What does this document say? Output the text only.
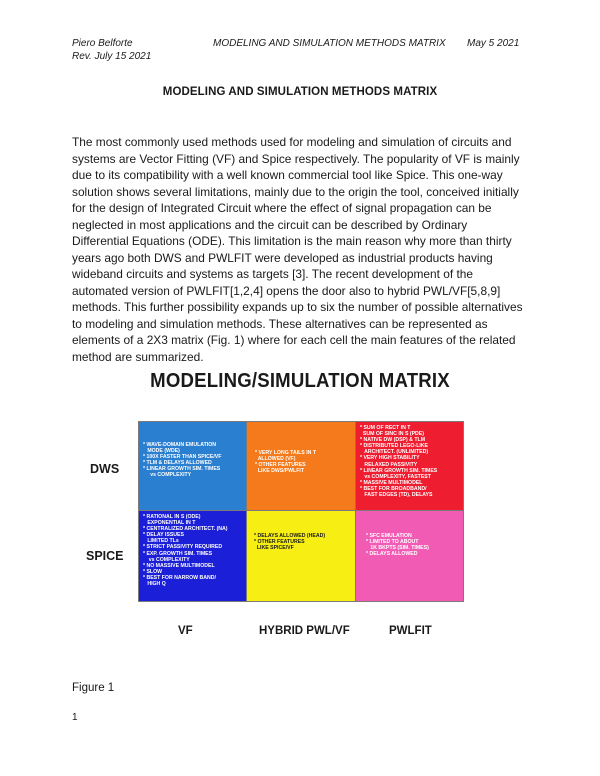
Piero Belforte
Rev. July 15 2021
MODELING AND SIMULATION METHODS MATRIX May 5 2021
MODELING AND SIMULATION METHODS MATRIX

The most commonly used methods used for modeling and simulation of circuits and systems are Vector Fitting (VF) and Spice respectively. The popularity of VF is mainly due to its compatibility with a well known commercial tool like Spice. This one-way solution shows several limitations, mainly due to the origin the tool, conceived initially for the design of Integrated Circuit where the effect of signal propagation can be neglected in most applications and the circuit can be described by Ordinary Differential Equations (ODE). This limitation is the main reason why more than thirty years ago both DWS and PWLFIT were developed as industrial products having wideband circuits and systems as targets [3]. The recent development of the automated version of PWLFIT[1,2,4] opens the door also to hybrid PWL/VF[5,8,9] methods. This further possibility expands up to six the number of possible alternatives to modeling and simulation methods. These alternatives can be represented as elements of a 2X3 matrix (Fig. 1) where for each cell the main features of the related method are summarized.

MODELING/SIMULATION MATRIX
DWS
SPICE
* WAVE-DOMAIN EMULATION
MODE (WDE)
* 100X FASTER THAN SPICE/VF
* TLM & DELAYS ALLOWED
* LINEAR GROWTH SIM. TIMES
vs COMPLEXITY
* VERY LONG TAILS IN T
ALLOWED (VF)
* OTHER FEATURES
LIKE DWS/PWLFIT
* SUM OF RECT IN T
SUM OF SINC IN S (PDE)
* NATIVE DW (DSP) & TLM
* DISTRIBUTED LEGO-LIKE
ARCHITECT. (UNLIMITED)
* VERY HIGH STABILITY
RELAXED PASSIVITY
* LINEAR GROWTH SIM. TIMES
vs COMPLEXITY, FASTEST
* MASSIVE MULTIMODEL
* BEST FOR BROADBAND/
FAST EDGES (TD), DELAYS
* RATIONAL IN S (ODE)
EXPONENTIAL IN T
* CENTRALIZED ARCHITECT. (NA)
* DELAY ISSUES
LIMITED TLs
* STRICT PASSIVITY REQUIRED
* EXP. GROWTH SIM. TIMES
vs COMPLEXITY
* NO MASSIVE MULTIMODEL
* SLOW
* BEST FOR NARROW BAND/
HIGH Q
* DELAYS ALLOWED (HEAD)
* OTHER FEATURES
LIKE SPICE/VF
* SFC EMULATION
* LIMITED TO ABOUT
1K BKPTS (SIM. TIMES)
* DELAYS ALLOWED
VF	HYBRID PWL/VF	PWLFIT
Figure 1
1
